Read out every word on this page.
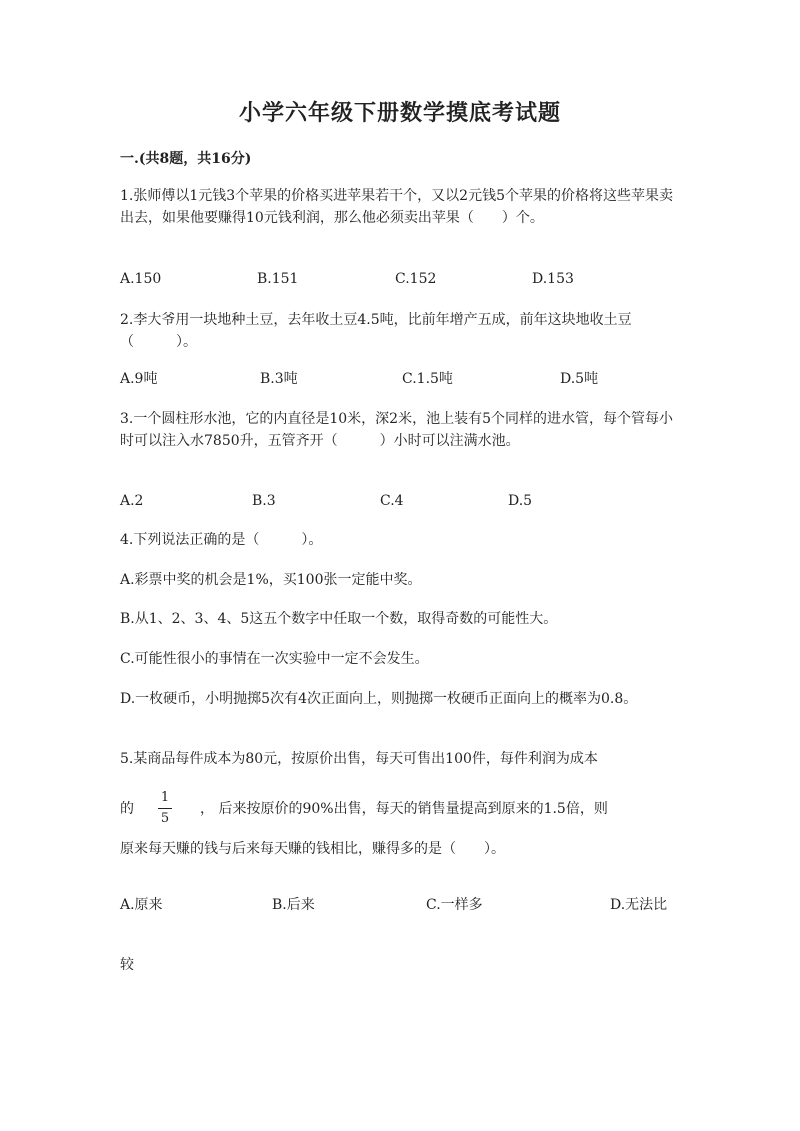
小学六年级下册数学摸底考试题
一.(共8题，共16分)

1.张师傅以1元钱3个苹果的价格买进苹果若干个，又以2元钱5个苹果的价格将这些苹果卖出去，如果他要赚得10元钱利润，那么他必须卖出苹果（　　）个。

A.150	B.151	C.152	D.153

2.李大爷用一块地种土豆，去年收土豆4.5吨，比前年增产五成，前年这块地收土豆（　　　）。

A.9吨	B.3吨	C.1.5吨	D.5吨

3.一个圆柱形水池，它的内直径是10米，深2米，池上装有5个同样的进水管，每个管每小时可以注入水7850升，五管齐开（　　　）小时可以注满水池。

A.2	B.3	C.4	D.5

4.下列说法正确的是（　　　）。

A.彩票中奖的机会是1%，买100张一定能中奖。

B.从1、2、3、4、5这五个数字中任取一个数，取得奇数的可能性大。

C.可能性很小的事情在一次实验中一定不会发生。

D.一枚硬币，小明抛掷5次有4次正面向上，则抛掷一枚硬币正面向上的概率为0.8。

5.某商品每件成本为80元，按原价出售，每天可售出100件，每件利润为成本
的
1
5
， 后来按原价的90%出售，每天的销售量提高到原来的1.5倍，则
原来每天赚的钱与后来每天赚的钱相比，赚得多的是（　　）。
A.原来	B.后来	C.一样多	D.无法比
较
